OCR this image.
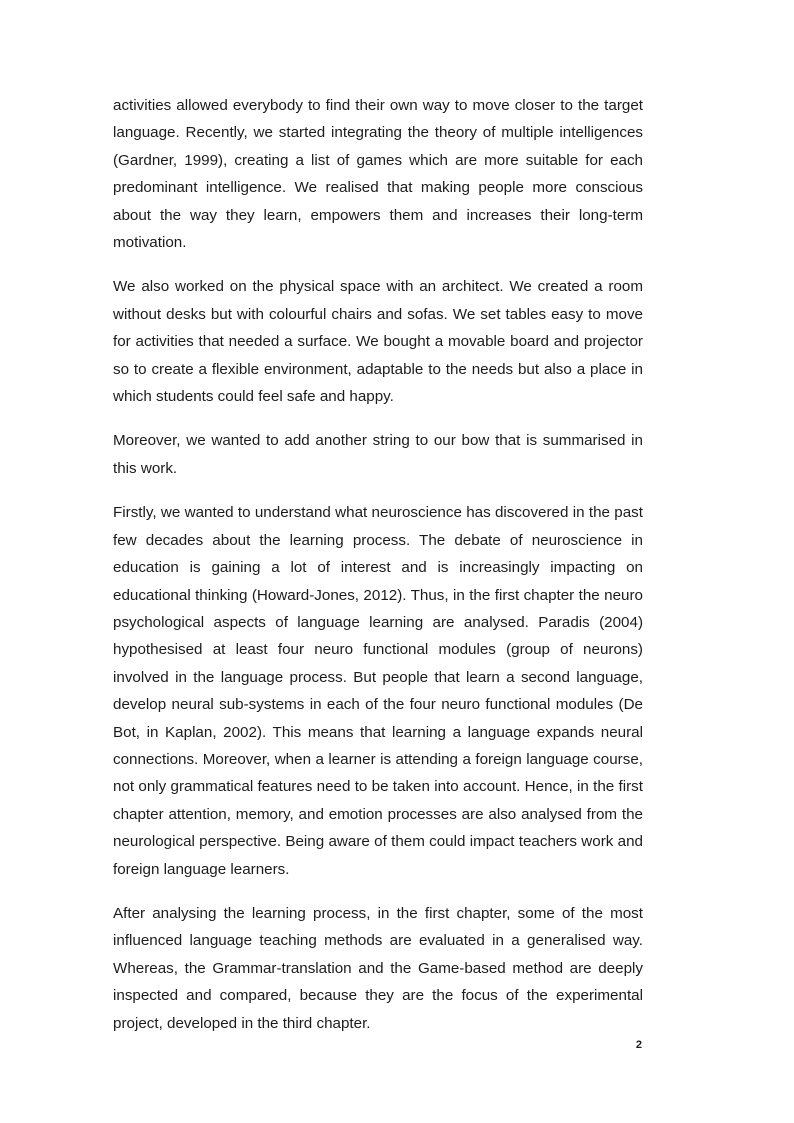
activities allowed everybody to find their own way to move closer to the target language. Recently, we started integrating the theory of multiple intelligences (Gardner, 1999), creating a list of games which are more suitable for each predominant intelligence. We realised that making people more conscious about the way they learn, empowers them and increases their long-term motivation.

We also worked on the physical space with an architect. We created a room without desks but with colourful chairs and sofas. We set tables easy to move for activities that needed a surface. We bought a movable board and projector so to create a flexible environment, adaptable to the needs but also a place in which students could feel safe and happy.

Moreover, we wanted to add another string to our bow that is summarised in this work.

Firstly, we wanted to understand what neuroscience has discovered in the past few decades about the learning process. The debate of neuroscience in education is gaining a lot of interest and is increasingly impacting on educational thinking (Howard-Jones, 2012). Thus, in the first chapter the neuro psychological aspects of language learning are analysed. Paradis (2004) hypothesised at least four neuro functional modules (group of neurons) involved in the language process. But people that learn a second language, develop neural sub-systems in each of the four neuro functional modules (De Bot, in Kaplan, 2002). This means that learning a language expands neural connections. Moreover, when a learner is attending a foreign language course, not only grammatical features need to be taken into account. Hence, in the first chapter attention, memory, and emotion processes are also analysed from the neurological perspective. Being aware of them could impact teachers work and foreign language learners.

After analysing the learning process, in the first chapter, some of the most influenced language teaching methods are evaluated in a generalised way. Whereas, the Grammar-translation and the Game-based method are deeply inspected and compared, because they are the focus of the experimental project, developed in the third chapter.

2
